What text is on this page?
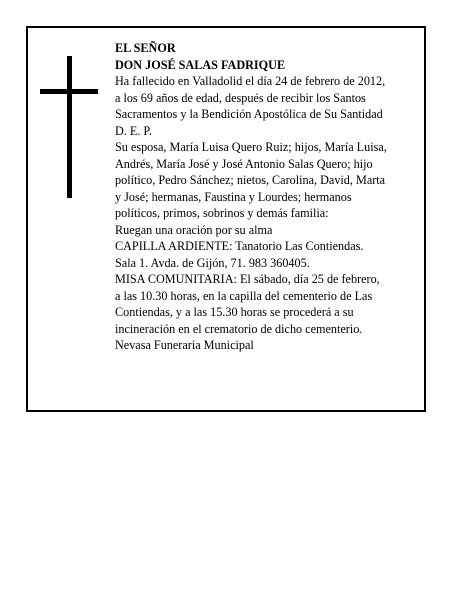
EL SEÑOR
DON JOSÉ SALAS FADRIQUE
Ha fallecido en Valladolid el día 24 de febrero de 2012,
a los 69 años de edad, después de recibir los Santos
Sacramentos y la Bendición Apostólica de Su Santidad
D. E. P.
Su esposa, María Luisa Quero Ruiz; hijos, María Luisa,
Andrés, María José y José Antonio Salas Quero; hijo
político, Pedro Sánchez; nietos, Carolina, David, Marta
y José; hermanas, Faustina y Lourdes; hermanos
políticos, primos, sobrinos y demás familia:
Ruegan una oración por su alma
CAPILLA ARDIENTE: Tanatorio Las Contiendas.
Sala 1. Avda. de Gijón, 71. 983 360405.
MISA COMUNITARIA: El sábado, día 25 de febrero,
a las 10.30 horas, en la capilla del cementerio de Las
Contiendas, y a las 15.30 horas se procederá a su
incineración en el crematorio de dicho cementerio.
Nevasa Funeraria Municipal
